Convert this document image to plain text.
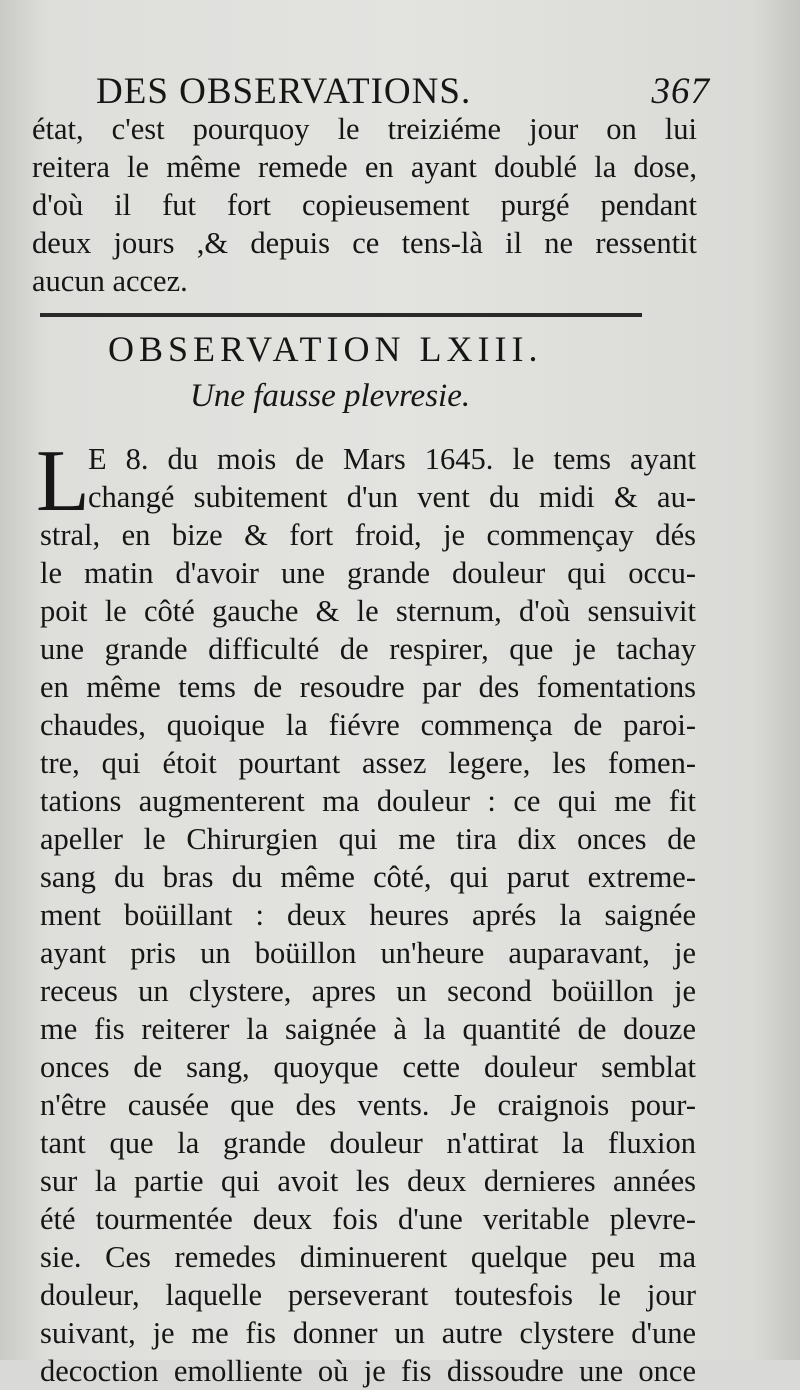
DES OBSERVATIONS.	367
état, c'est pourquoy le treiziéme jour on lui
reitera le même remede en ayant doublé la dose,
d'où il fut fort copieusement purgé pendant
deux jours ,& depuis ce tens-là il ne ressentit
aucun accez.
OBSERVATION LXIII.
Une fausse plevresie.
L
E 8. du mois de Mars 1645. le tems ayant
changé subitement d'un vent du midi & au-
stral, en bize & fort froid, je commençay dés
le matin d'avoir une grande douleur qui occu-
poit le côté gauche & le sternum, d'où sensuivit
une grande difficulté de respirer, que je tachay
en même tems de resoudre par des fomentations
chaudes, quoique la fiévre commença de paroi-
tre, qui étoit pourtant assez legere, les fomen-
tations augmenterent ma douleur : ce qui me fit
apeller le Chirurgien qui me tira dix onces de
sang du bras du même côté, qui parut extreme-
ment boüillant : deux heures aprés la saignée
ayant pris un boüillon un'heure auparavant, je
receus un clystere, apres un second boüillon je
me fis reiterer la saignée à la quantité de douze
onces de sang, quoyque cette douleur semblat
n'être causée que des vents. Je craignois pour-
tant que la grande douleur n'attirat la fluxion
sur la partie qui avoit les deux dernieres années
été tourmentée deux fois d'une veritable plevre-
sie. Ces remedes diminuerent quelque peu ma
douleur, laquelle perseverant toutesfois le jour
suivant, je me fis donner un autre clystere d'une
decoction emolliente où je fis dissoudre une once
